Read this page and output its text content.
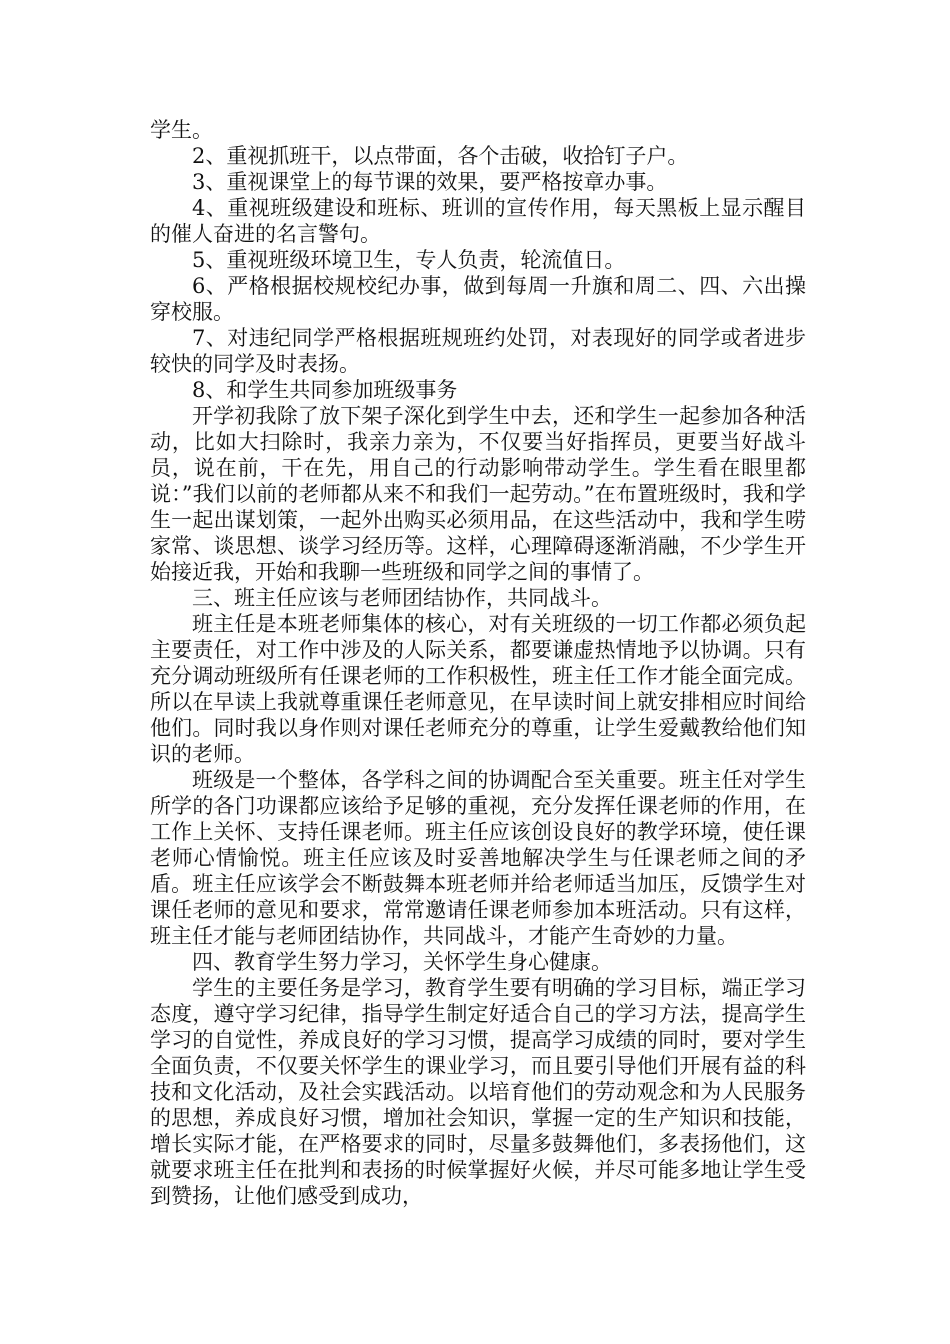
学生。

2、重视抓班干，以点带面，各个击破，收拾钉子户。

3、重视课堂上的每节课的效果，要严格按章办事。

4、重视班级建设和班标、班训的宣传作用，每天黑板上显示醒目的催人奋进的名言警句。

5、重视班级环境卫生，专人负责，轮流值日。

6、严格根据校规校纪办事，做到每周一升旗和周二、四、六出操穿校服。

7、对违纪同学严格根据班规班约处罚，对表现好的同学或者进步较快的同学及时表扬。

8、和学生共同参加班级事务

开学初我除了放下架子深化到学生中去，还和学生一起参加各种活动，比如大扫除时，我亲力亲为，不仅要当好指挥员，更要当好战斗员，说在前，干在先，用自己的行动影响带动学生。学生看在眼里都说：”我们以前的老师都从来不和我们一起劳动。”在布置班级时，我和学生一起出谋划策，一起外出购买必须用品，在这些活动中，我和学生唠家常、谈思想、谈学习经历等。这样，心理障碍逐渐消融，不少学生开始接近我，开始和我聊一些班级和同学之间的事情了。

三、班主任应该与老师团结协作，共同战斗。

班主任是本班老师集体的核心，对有关班级的一切工作都必须负起主要责任，对工作中涉及的人际关系，都要谦虚热情地予以协调。只有充分调动班级所有任课老师的工作积极性，班主任工作才能全面完成。所以在早读上我就尊重课任老师意见，在早读时间上就安排相应时间给他们。同时我以身作则对课任老师充分的尊重，让学生爱戴教给他们知识的老师。

班级是一个整体，各学科之间的协调配合至关重要。班主任对学生所学的各门功课都应该给予足够的重视，充分发挥任课老师的作用，在工作上关怀、支持任课老师。班主任应该创设良好的教学环境，使任课老师心情愉悦。班主任应该及时妥善地解决学生与任课老师之间的矛盾。班主任应该学会不断鼓舞本班老师并给老师适当加压，反馈学生对课任老师的意见和要求，常常邀请任课老师参加本班活动。只有这样，班主任才能与老师团结协作，共同战斗，才能产生奇妙的力量。

四、教育学生努力学习，关怀学生身心健康。

学生的主要任务是学习，教育学生要有明确的学习目标，端正学习态度，遵守学习纪律，指导学生制定好适合自己的学习方法，提高学生学习的自觉性，养成良好的学习习惯，提高学习成绩的同时，要对学生全面负责，不仅要关怀学生的课业学习，而且要引导他们开展有益的科技和文化活动，及社会实践活动。以培育他们的劳动观念和为人民服务的思想，养成良好习惯，增加社会知识，掌握一定的生产知识和技能，增长实际才能，在严格要求的同时，尽量多鼓舞他们，多表扬他们，这就要求班主任在批判和表扬的时候掌握好火候，并尽可能多地让学生受到赞扬，让他们感受到成功，
